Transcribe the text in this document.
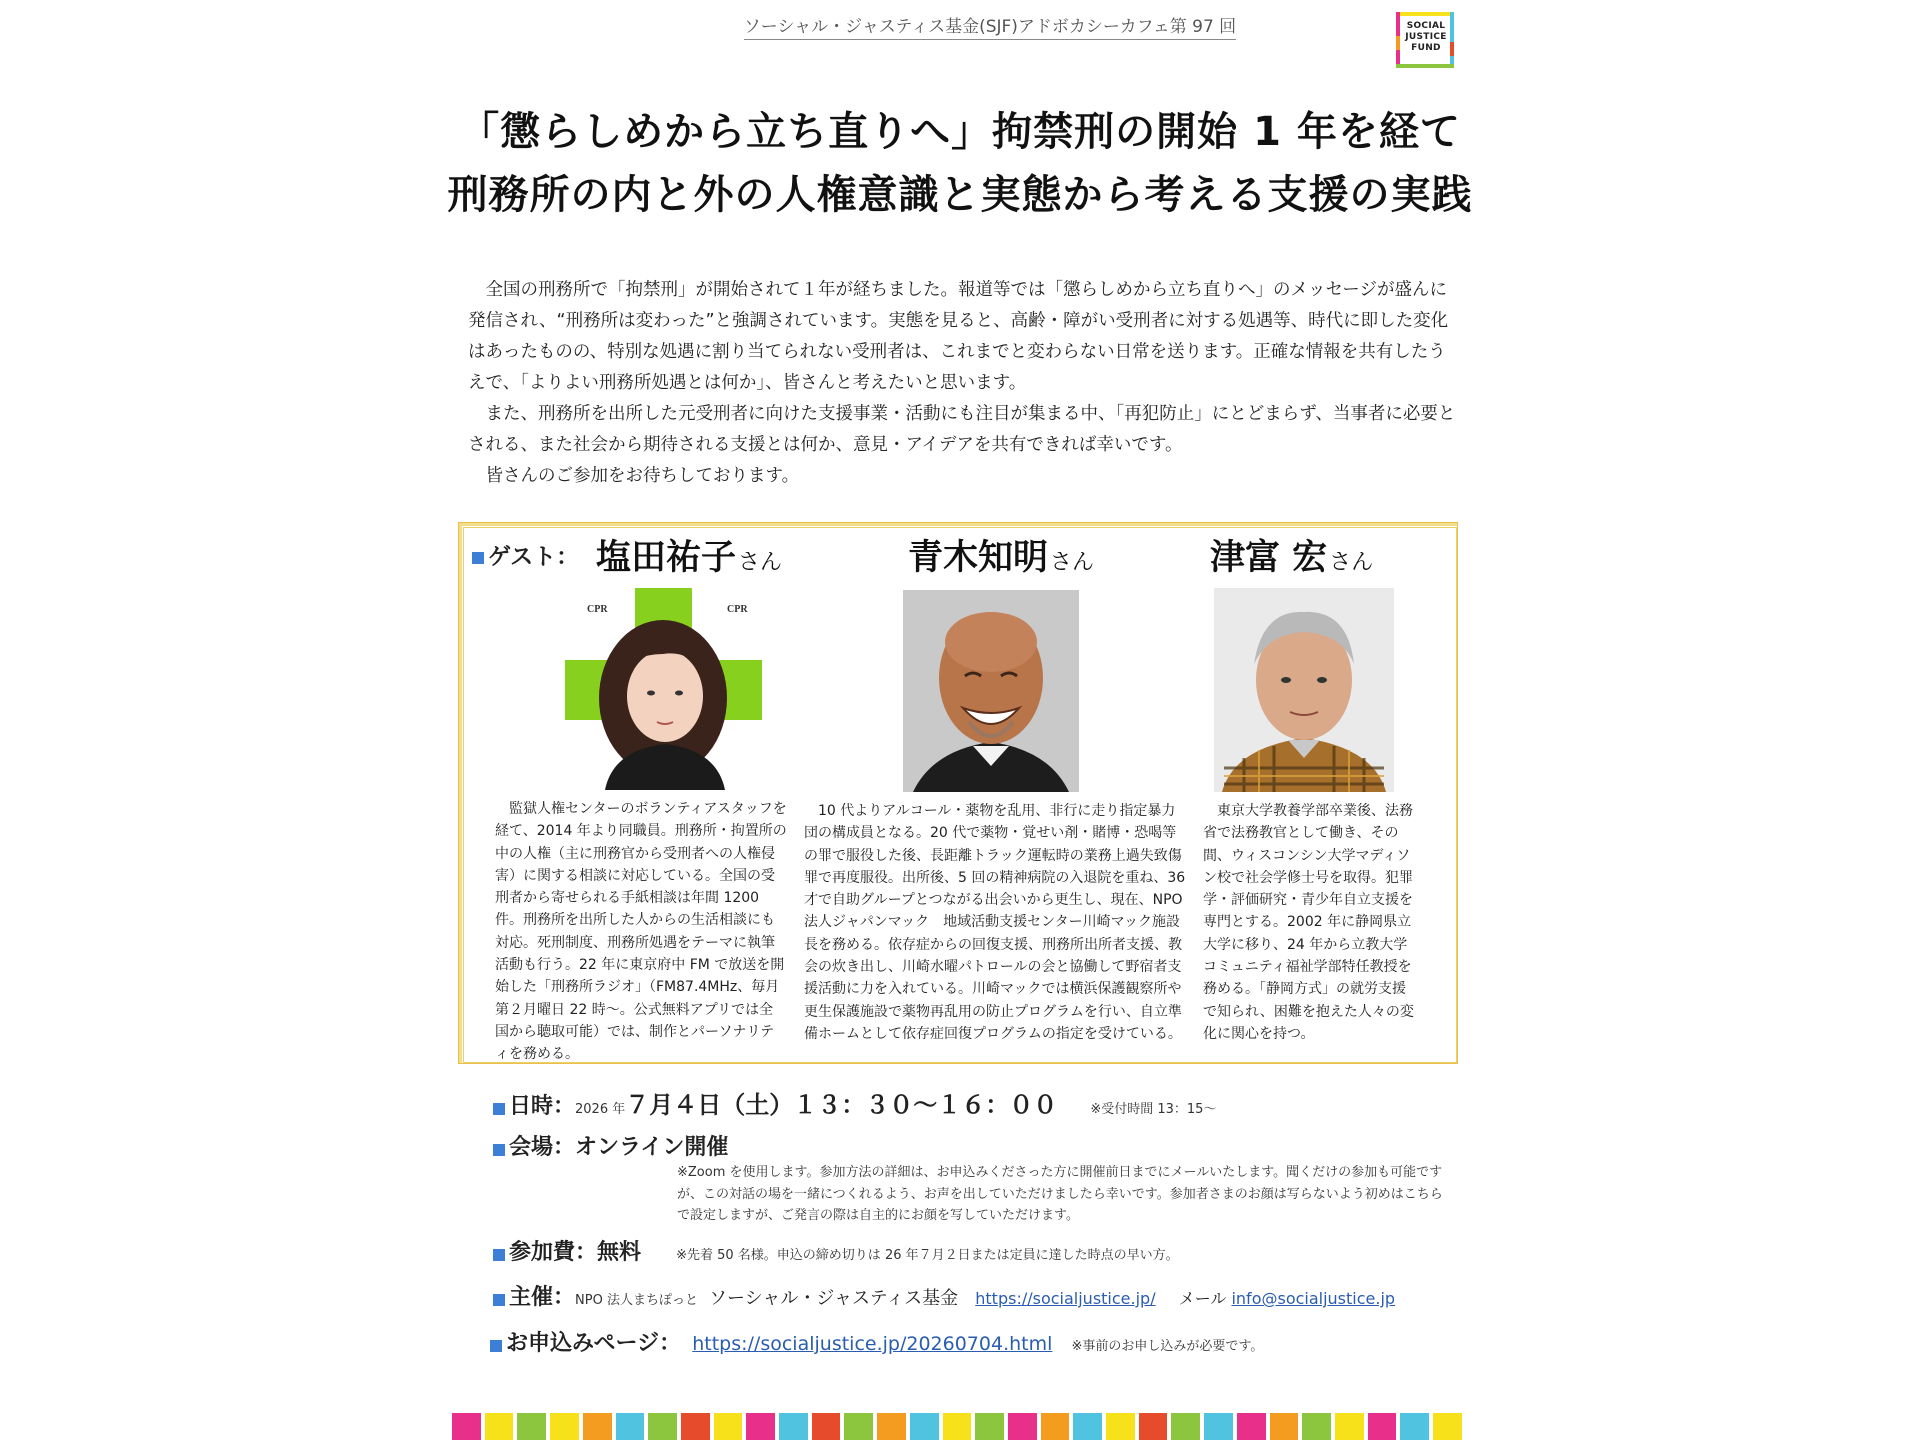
ソーシャル・ジャスティス基金(SJF)アドボカシーカフェ第 97 回	SOCIAL JUSTICE FUND
「懲らしめから立ち直りへ」拘禁刑の開始 1 年を経て
刑務所の内と外の人権意識と実態から考える支援の実践

全国の刑務所で「拘禁刑」が開始されて１年が経ちました。報道等では「懲らしめから立ち直りへ」のメッセージが盛んに発信され、“刑務所は変わった”と強調されています。実態を見ると、高齢・障がい受刑者に対する処遇等、時代に即した変化はあったものの、特別な処遇に割り当てられない受刑者は、これまでと変わらない日常を送ります。正確な情報を共有したうえで、「よりよい刑務所処遇とは何か」、皆さんと考えたいと思います。

また、刑務所を出所した元受刑者に向けた支援事業・活動にも注目が集まる中、「再犯防止」にとどまらず、当事者に必要とされる、また社会から期待される支援とは何か、意見・アイデアを共有できれば幸いです。

皆さんのご参加をお待ちしております。

ゲスト： 塩田祐子さん	青木知明さん	津富 宏さん
CPR	CPR

監獄人権センターのボランティアスタッフを経て、2014 年より同職員。刑務所・拘置所の中の人権（主に刑務官から受刑者への人権侵害）に関する相談に対応している。全国の受刑者から寄せられる手紙相談は年間 1200 件。刑務所を出所した人からの生活相談にも対応。死刑制度、刑務所処遇をテーマに執筆活動も行う。22 年に東京府中 FM で放送を開始した「刑務所ラジオ」（FM87.4MHz、毎月第２月曜日 22 時～。公式無料アプリでは全国から聴取可能）では、制作とパーソナリティを務める。

10 代よりアルコール・薬物を乱用、非行に走り指定暴力団の構成員となる。20 代で薬物・覚せい剤・賭博・恐喝等の罪で服役した後、長距離トラック運転時の業務上過失致傷罪で再度服役。出所後、5 回の精神病院の入退院を重ね、36 才で自助グループとつながる出会いから更生し、現在、NPO 法人ジャパンマック　地域活動支援センター川崎マック施設長を務める。依存症からの回復支援、刑務所出所者支援、教会の炊き出し、川崎水曜パトロールの会と協働して野宿者支援活動に力を入れている。川崎マックでは横浜保護観察所や更生保護施設で薬物再乱用の防止プログラムを行い、自立準備ホームとして依存症回復プログラムの指定を受けている。

東京大学教養学部卒業後、法務省で法務教官として働き、その間、ウィスコンシン大学マディソン校で社会学修士号を取得。犯罪学・評価研究・青少年自立支援を専門とする。2002 年に静岡県立大学に移り、24 年から立教大学コミュニティ福祉学部特任教授を務める。「静岡方式」の就労支援で知られ、困難を抱えた人々の変化に関心を持つ。

日時：2026 年７月４日（土）１３：３０～１６：００	※受付時間 13：15～
会場：オンライン開催
※Zoom を使用します。参加方法の詳細は、お申込みくださった方に開催前日までにメールいたします。聞くだけの参加も可能ですが、この対話の場を一緒につくれるよう、お声を出していただけましたら幸いです。参加者さまのお顔は写らないよう初めはこちらで設定しますが、ご発言の際は自主的にお顔を写していただけます。
参加費：無料	※先着 50 名様。申込の締め切りは 26 年７月２日または定員に達した時点の早い方。
主催：NPO 法人まちぽっと ソーシャル・ジャスティス基金 https://socialjustice.jp/ メール info@socialjustice.jp
お申込みページ： https://socialjustice.jp/20260704.html ※事前のお申し込みが必要です。
